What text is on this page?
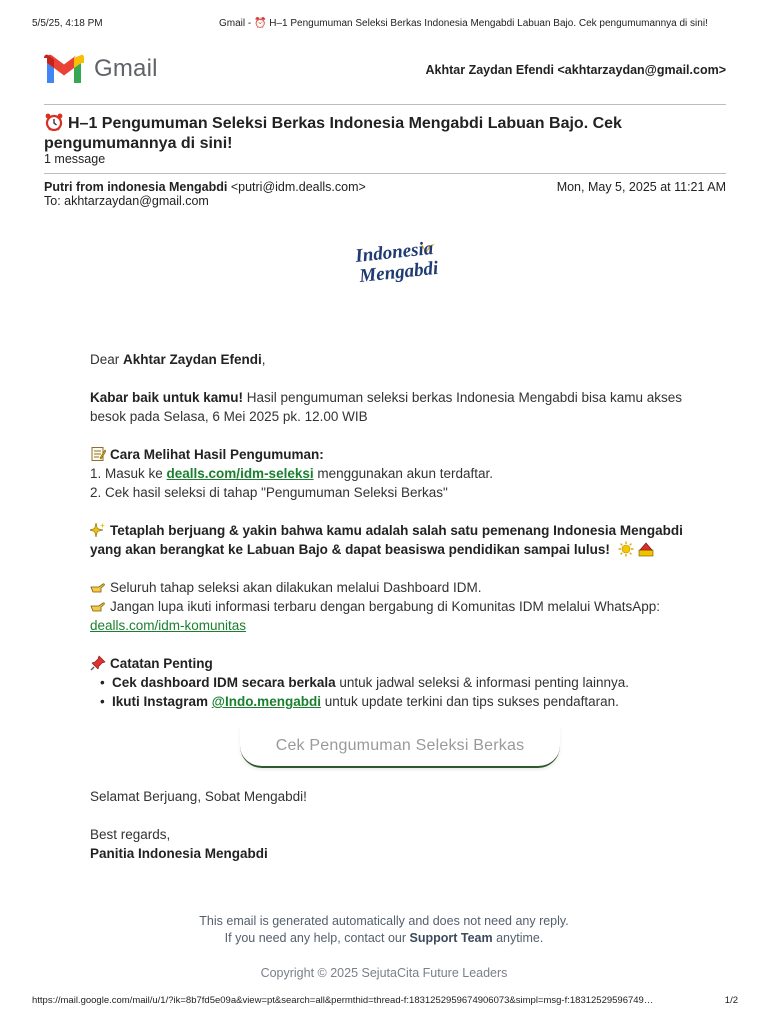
5/5/25, 4:18 PM	Gmail - ⏰ H–1 Pengumuman Seleksi Berkas Indonesia Mengabdi Labuan Bajo. Cek pengumumannya di sini!
Gmail	Akhtar Zaydan Efendi <akhtarzaydan@gmail.com>
H–1 Pengumuman Seleksi Berkas Indonesia Mengabdi Labuan Bajo. Cek pengumumannya di sini!
1 message
Putri from indonesia Mengabdi <putri@idm.dealls.com>	Mon, May 5, 2025 at 11:21 AM
To: akhtarzaydan@gmail.com
Indonesia
Mengabdi

Dear Akhtar Zaydan Efendi,

Kabar baik untuk kamu! Hasil pengumuman seleksi berkas Indonesia Mengabdi bisa kamu akses besok pada Selasa, 6 Mei 2025 pk. 12.00 WIB

Cara Melihat Hasil Pengumuman:
1. Masuk ke dealls.com/idm-seleksi menggunakan akun terdaftar.
2. Cek hasil seleksi di tahap "Pengumuman Seleksi Berkas"

Tetaplah berjuang & yakin bahwa kamu adalah salah satu pemenang Indonesia Mengabdi yang akan berangkat ke Labuan Bajo & dapat beasiswa pendidikan sampai lulus!

Seluruh tahap seleksi akan dilakukan melalui Dashboard IDM.
Jangan lupa ikuti informasi terbaru dengan bergabung di Komunitas IDM melalui WhatsApp:
dealls.com/idm-komunitas

Catatan Penting
• Cek dashboard IDM secara berkala untuk jadwal seleksi & informasi penting lainnya.
• Ikuti Instagram @Indo.mengabdi untuk update terkini dan tips sukses pendaftaran.
Cek Pengumuman Seleksi Berkas
Selamat Berjuang, Sobat Mengabdi!
Best regards,
Panitia Indonesia Mengabdi
This email is generated automatically and does not need any reply.
If you need any help, contact our Support Team anytime.
Copyright © 2025 SejutaCita Future Leaders
https://mail.google.com/mail/u/1/?ik=8b7fd5e09a&view=pt&search=all&permthid=thread-f:1831252959674906073&simpl=msg-f:18312529596749…	1/2
